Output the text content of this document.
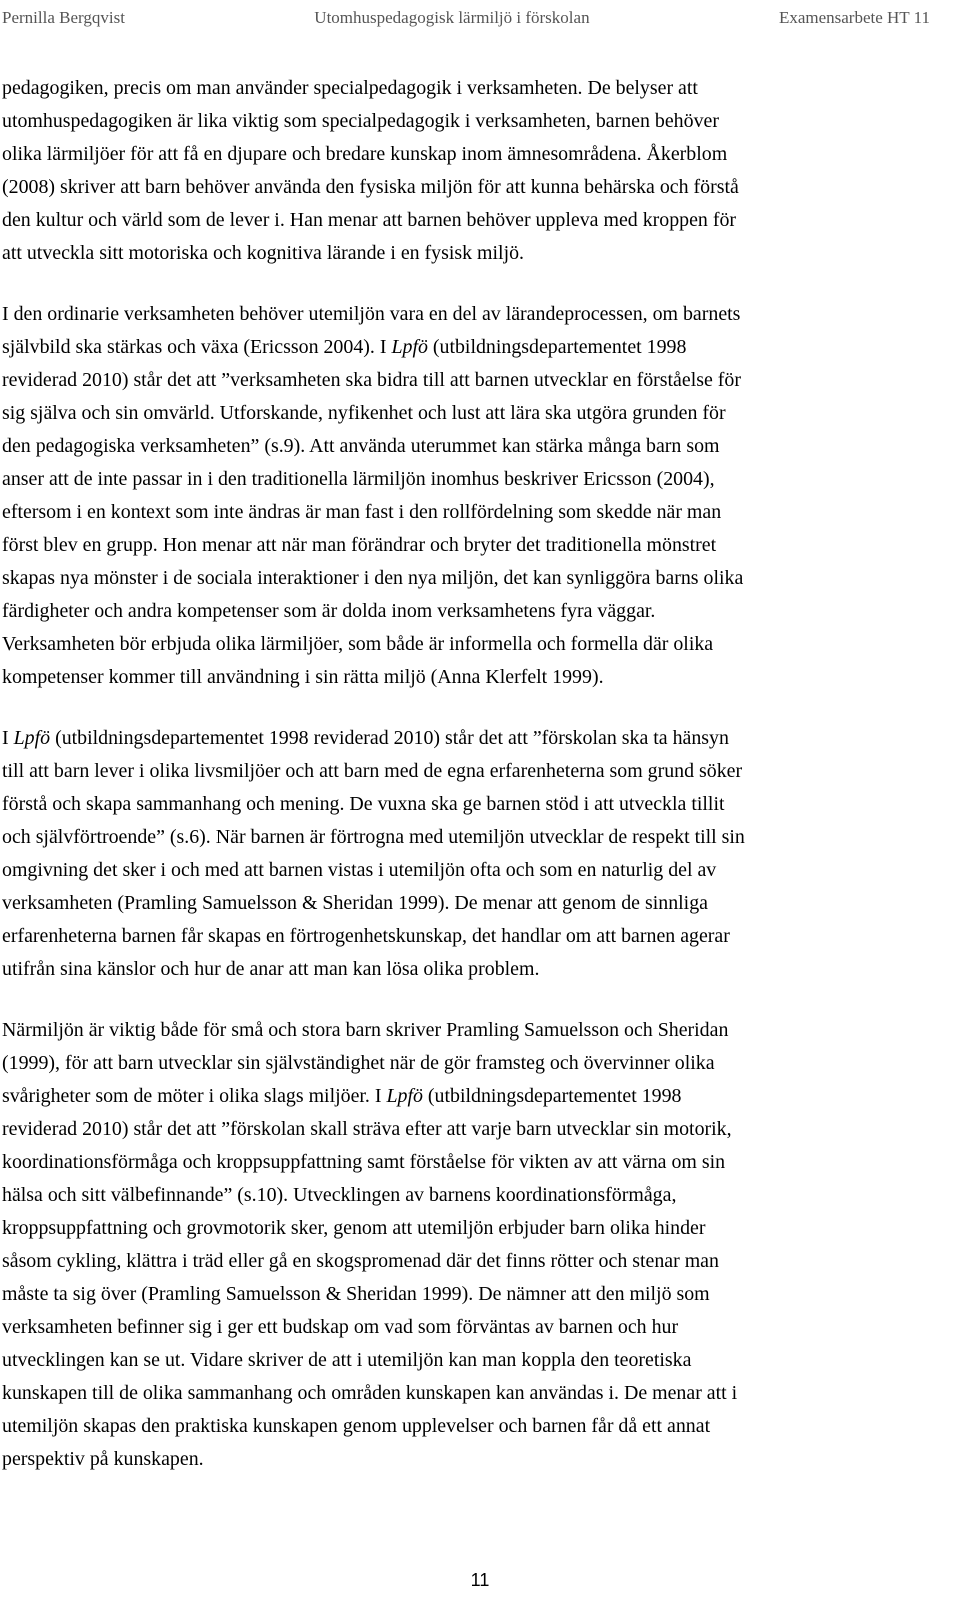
Pernilla Bergqvist	Utomhuspedagogisk lärmiljö i förskolan	Examensarbete HT 11
pedagogiken, precis om man använder specialpedagogik i verksamheten. De belyser att
utomhuspedagogiken är lika viktig som specialpedagogik i verksamheten, barnen behöver
olika lärmiljöer för att få en djupare och bredare kunskap inom ämnesområdena. Åkerblom
(2008) skriver att barn behöver använda den fysiska miljön för att kunna behärska och förstå
den kultur och värld som de lever i. Han menar att barnen behöver uppleva med kroppen för
att utveckla sitt motoriska och kognitiva lärande i en fysisk miljö.
I den ordinarie verksamheten behöver utemiljön vara en del av lärandeprocessen, om barnets
självbild ska stärkas och växa (Ericsson 2004). I Lpfö (utbildningsdepartementet 1998
reviderad 2010) står det att ”verksamheten ska bidra till att barnen utvecklar en förståelse för
sig själva och sin omvärld. Utforskande, nyfikenhet och lust att lära ska utgöra grunden för
den pedagogiska verksamheten” (s.9). Att använda uterummet kan stärka många barn som
anser att de inte passar in i den traditionella lärmiljön inomhus beskriver Ericsson (2004),
eftersom i en kontext som inte ändras är man fast i den rollfördelning som skedde när man
först blev en grupp. Hon menar att när man förändrar och bryter det traditionella mönstret
skapas nya mönster i de sociala interaktioner i den nya miljön, det kan synliggöra barns olika
färdigheter och andra kompetenser som är dolda inom verksamhetens fyra väggar.
Verksamheten bör erbjuda olika lärmiljöer, som både är informella och formella där olika
kompetenser kommer till användning i sin rätta miljö (Anna Klerfelt 1999).
I Lpfö (utbildningsdepartementet 1998 reviderad 2010) står det att ”förskolan ska ta hänsyn
till att barn lever i olika livsmiljöer och att barn med de egna erfarenheterna som grund söker
förstå och skapa sammanhang och mening. De vuxna ska ge barnen stöd i att utveckla tillit
och självförtroende” (s.6). När barnen är förtrogna med utemiljön utvecklar de respekt till sin
omgivning det sker i och med att barnen vistas i utemiljön ofta och som en naturlig del av
verksamheten (Pramling Samuelsson & Sheridan 1999). De menar att genom de sinnliga
erfarenheterna barnen får skapas en förtrogenhetskunskap, det handlar om att barnen agerar
utifrån sina känslor och hur de anar att man kan lösa olika problem.
Närmiljön är viktig både för små och stora barn skriver Pramling Samuelsson och Sheridan
(1999), för att barn utvecklar sin självständighet när de gör framsteg och övervinner olika
svårigheter som de möter i olika slags miljöer. I Lpfö (utbildningsdepartementet 1998
reviderad 2010) står det att ”förskolan skall sträva efter att varje barn utvecklar sin motorik,
koordinationsförmåga och kroppsuppfattning samt förståelse för vikten av att värna om sin
hälsa och sitt välbefinnande” (s.10). Utvecklingen av barnens koordinationsförmåga,
kroppsuppfattning och grovmotorik sker, genom att utemiljön erbjuder barn olika hinder
såsom cykling, klättra i träd eller gå en skogspromenad där det finns rötter och stenar man
måste ta sig över (Pramling Samuelsson & Sheridan 1999). De nämner att den miljö som
verksamheten befinner sig i ger ett budskap om vad som förväntas av barnen och hur
utvecklingen kan se ut. Vidare skriver de att i utemiljön kan man koppla den teoretiska
kunskapen till de olika sammanhang och områden kunskapen kan användas i. De menar att i
utemiljön skapas den praktiska kunskapen genom upplevelser och barnen får då ett annat
perspektiv på kunskapen.
11
